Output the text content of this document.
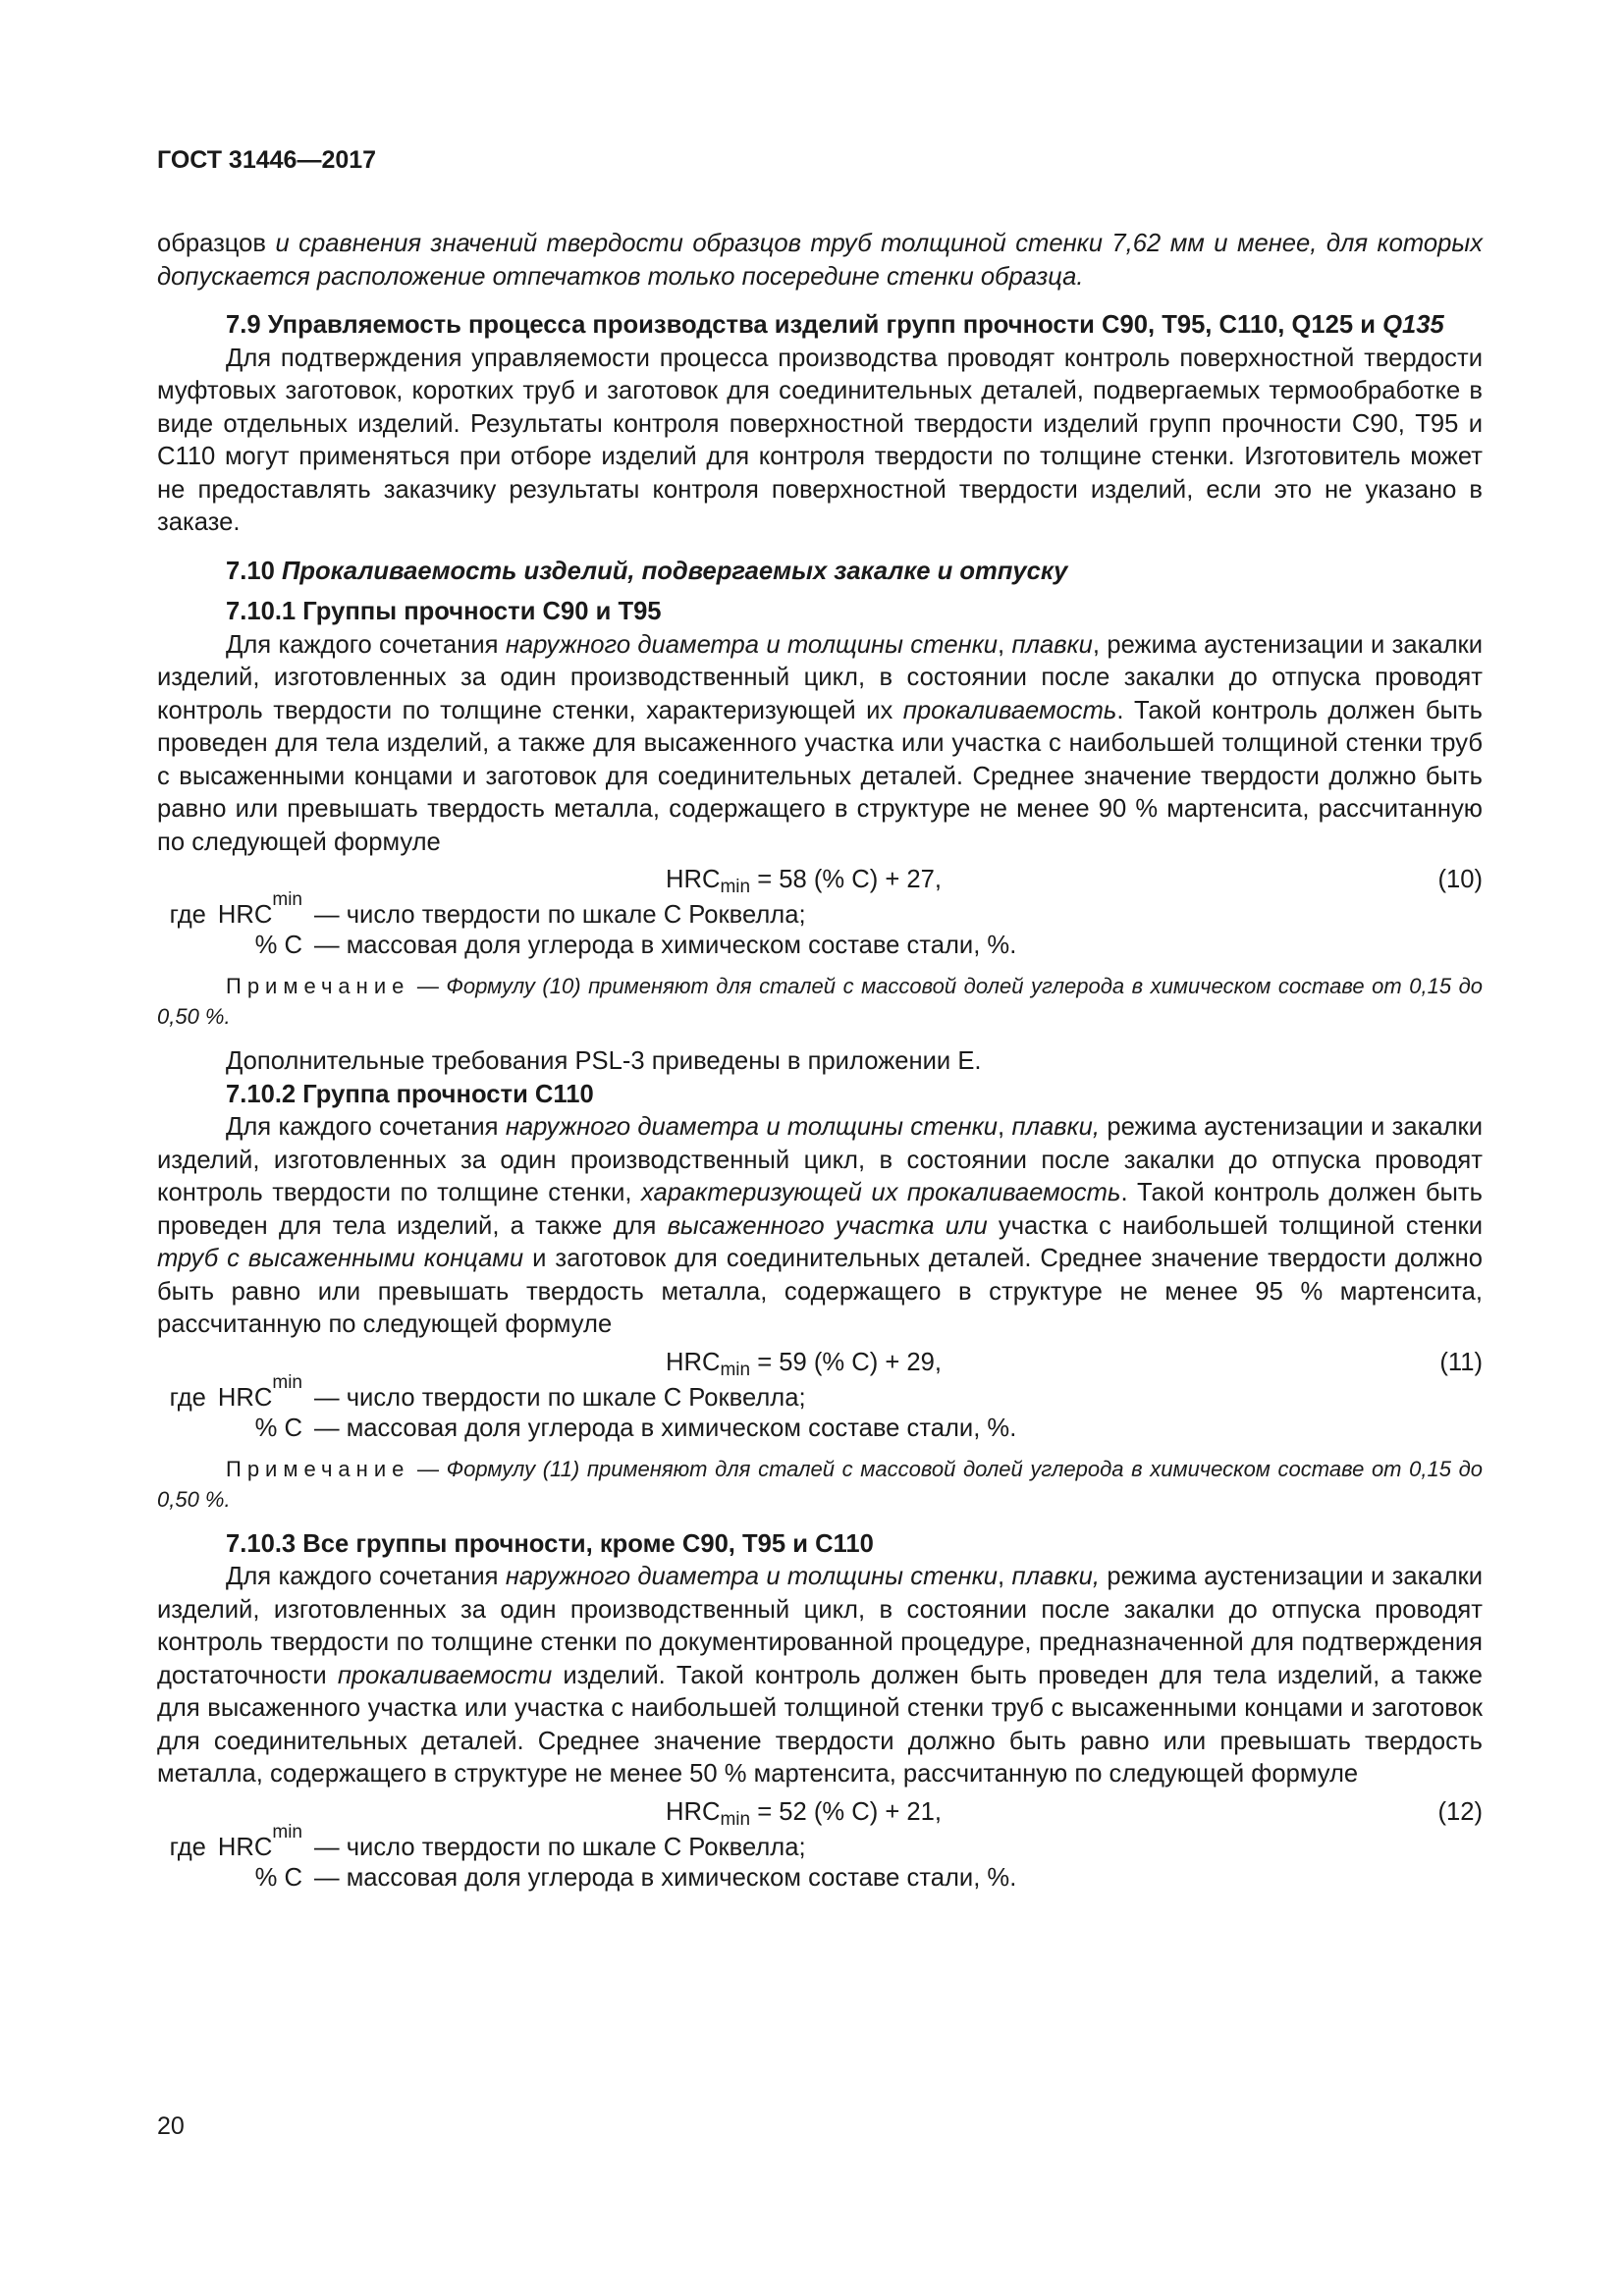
ГОСТ 31446—2017

образцов и сравнения значений твердости образцов труб толщиной стенки 7,62 мм и менее, для которых допускается расположение отпечатков только посередине стенки образца.

7.9 Управляемость процесса производства изделий групп прочности С90, Т95, С110, Q125 и Q135

Для подтверждения управляемости процесса производства проводят контроль поверхностной твердости муфтовых заготовок, коротких труб и заготовок для соединительных деталей, подвергаемых термообработке в виде отдельных изделий. Результаты контроля поверхностной твердости изделий групп прочности С90, Т95 и С110 могут применяться при отборе изделий для контроля твердости по толщине стенки. Изготовитель может не предоставлять заказчику результаты контроля поверхностной твердости изделий, если это не указано в заказе.

7.10 Прокаливаемость изделий, подвергаемых закалке и отпуску

7.10.1 Группы прочности С90 и Т95

Для каждого сочетания наружного диаметра и толщины стенки, плавки, режима аустенизации и закалки изделий, изготовленных за один производственный цикл, в состоянии после закалки до отпуска проводят контроль твердости по толщине стенки, характеризующей их прокаливаемость. Такой контроль должен быть проведен для тела изделий, а также для высаженного участка или участка с наибольшей толщиной стенки труб с высаженными концами и заготовок для соединительных деталей. Среднее значение твердости должно быть равно или превышать твердость металла, содержащего в структуре не менее 90 % мартенсита, рассчитанную по следующей формуле

$HRC_{min} = 58$ (% С) + 27,	(10)
где HRC
min
— число твердости по шкале С Роквелла;
% С — массовая доля углерода в химическом составе стали, %.

Примечание — Формулу (10) применяют для сталей с массовой долей углерода в химическом составе от 0,15 до 0,50 %.

Дополнительные требования PSL-3 приведены в приложении Е.

7.10.2 Группа прочности С110

Для каждого сочетания наружного диаметра и толщины стенки, плавки, режима аустенизации и закалки изделий, изготовленных за один производственный цикл, в состоянии после закалки до отпуска проводят контроль твердости по толщине стенки, характеризующей их прокаливаемость. Такой контроль должен быть проведен для тела изделий, а также для высаженного участка или участка с наибольшей толщиной стенки труб с высаженными концами и заготовок для соединительных деталей. Среднее значение твердости должно быть равно или превышать твердость металла, содержащего в структуре не менее 95 % мартенсита, рассчитанную по следующей формуле

$HRC_{min} = 59$ (% С) + 29,	(11)
где HRC
min
— число твердости по шкале С Роквелла;
% С — массовая доля углерода в химическом составе стали, %.

Примечание — Формулу (11) применяют для сталей с массовой долей углерода в химическом составе от 0,15 до 0,50 %.

7.10.3 Все группы прочности, кроме С90, Т95 и С110

Для каждого сочетания наружного диаметра и толщины стенки, плавки, режима аустенизации и закалки изделий, изготовленных за один производственный цикл, в состоянии после закалки до отпуска проводят контроль твердости по толщине стенки по документированной процедуре, предназначенной для подтверждения достаточности прокаливаемости изделий. Такой контроль должен быть проведен для тела изделий, а также для высаженного участка или участка с наибольшей толщиной стенки труб с высаженными концами и заготовок для соединительных деталей. Среднее значение твердости должно быть равно или превышать твердость металла, содержащего в структуре не менее 50 % мартенсита, рассчитанную по следующей формуле

$HRC_{min} = 52$ (% С) + 21,	(12)
где HRC
min
— число твердости по шкале С Роквелла;
% С — массовая доля углерода в химическом составе стали, %.
20
